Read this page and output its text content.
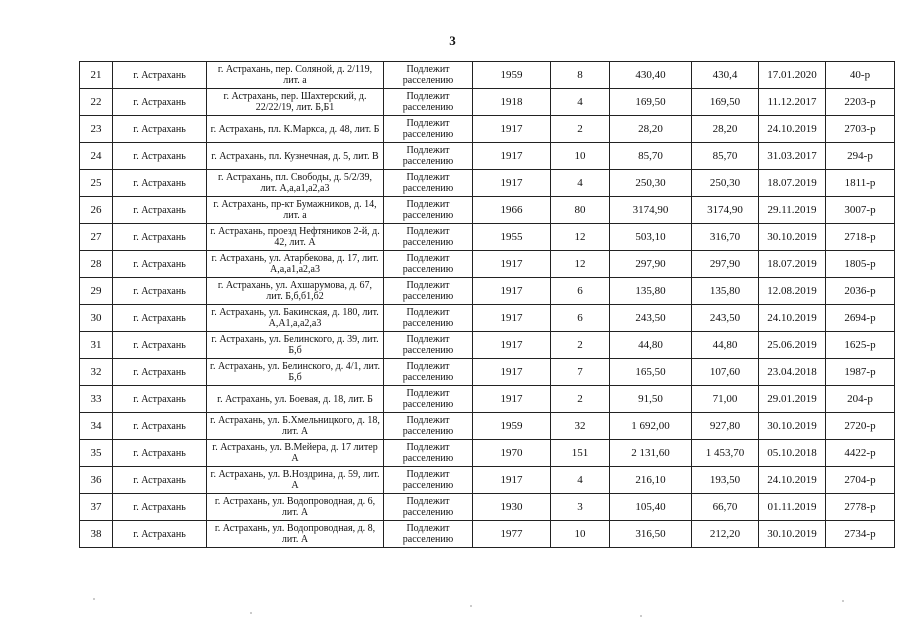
3
21	г. Астрахань	г. Астрахань, пер. Соляной, д. 2/119, лит. а	Подлежит расселению	1959	8	430,40	430,4	17.01.2020	40-р
22	г. Астрахань	г. Астрахань, пер. Шахтерский, д. 22/22/19, лит. Б,Б1	Подлежит расселению	1918	4	169,50	169,50	11.12.2017	2203-р
23	г. Астрахань	г. Астрахань, пл. К.Маркса, д. 48, лит. Б	Подлежит расселению	1917	2	28,20	28,20	24.10.2019	2703-р
24	г. Астрахань	г. Астрахань, пл. Кузнечная, д. 5, лит. В	Подлежит расселению	1917	10	85,70	85,70	31.03.2017	294-р
25	г. Астрахань	г. Астрахань, пл. Свободы, д. 5/2/39, лит. А,а,а1,а2,а3	Подлежит расселению	1917	4	250,30	250,30	18.07.2019	1811-р
26	г. Астрахань	г. Астрахань, пр-кт Бумажников, д. 14, лит. а	Подлежит расселению	1966	80	3174,90	3174,90	29.11.2019	3007-р
27	г. Астрахань	г. Астрахань, проезд Нефтяников 2-й, д. 42, лит. А	Подлежит расселению	1955	12	503,10	316,70	30.10.2019	2718-р
28	г. Астрахань	г. Астрахань, ул. Атарбекова, д. 17, лит. А,а,а1,а2,а3	Подлежит расселению	1917	12	297,90	297,90	18.07.2019	1805-р
29	г. Астрахань	г. Астрахань, ул. Ахшарумова, д. 67, лит. Б,б,б1,б2	Подлежит расселению	1917	6	135,80	135,80	12.08.2019	2036-р
30	г. Астрахань	г. Астрахань, ул. Бакинская, д. 180, лит. А,А1,а,а2,а3	Подлежит расселению	1917	6	243,50	243,50	24.10.2019	2694-р
31	г. Астрахань	г. Астрахань, ул. Белинского, д. 39, лит. Б,б	Подлежит расселению	1917	2	44,80	44,80	25.06.2019	1625-р
32	г. Астрахань	г. Астрахань, ул. Белинского, д. 4/1, лит. Б,б	Подлежит расселению	1917	7	165,50	107,60	23.04.2018	1987-р
33	г. Астрахань	г. Астрахань, ул. Боевая, д. 18, лит. Б	Подлежит расселению	1917	2	91,50	71,00	29.01.2019	204-р
34	г. Астрахань	г. Астрахань, ул. Б.Хмельницкого, д. 18, лит. А	Подлежит расселению	1959	32	1 692,00	927,80	30.10.2019	2720-р
35	г. Астрахань	г. Астрахань, ул. В.Мейера, д. 17 литер А	Подлежит расселению	1970	151	2 131,60	1 453,70	05.10.2018	4422-р
36	г. Астрахань	г. Астрахань, ул. В.Ноздрина, д. 59, лит. А	Подлежит расселению	1917	4	216,10	193,50	24.10.2019	2704-р
37	г. Астрахань	г. Астрахань, ул. Водопроводная, д. 6, лит. А	Подлежит расселению	1930	3	105,40	66,70	01.11.2019	2778-р
38	г. Астрахань	г. Астрахань, ул. Водопроводная, д. 8, лит. А	Подлежит расселению	1977	10	316,50	212,20	30.10.2019	2734-р
